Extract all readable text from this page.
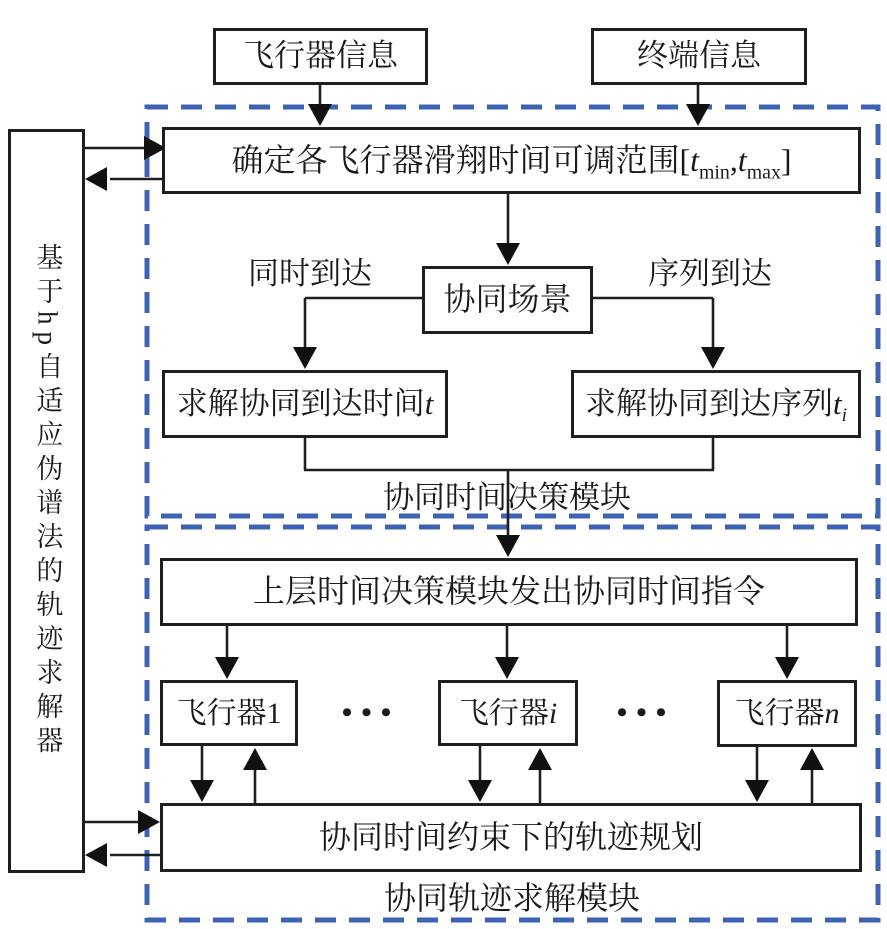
基于hp自适应伪谱法的轨迹求解器
飞行器信息	终端信息
确定各飞行器滑翔时间可调范围$[t_{min},t_{max}]$
同时到达	序列到达
协同场景
求解协同到达时间t	求解协同到达序列$t_i$
协同时间决策模块
上层时间决策模块发出协同时间指令
飞行器1 ••• 飞行器i ••• 飞行器n
协同时间约束下的轨迹规划
协同轨迹求解模块
